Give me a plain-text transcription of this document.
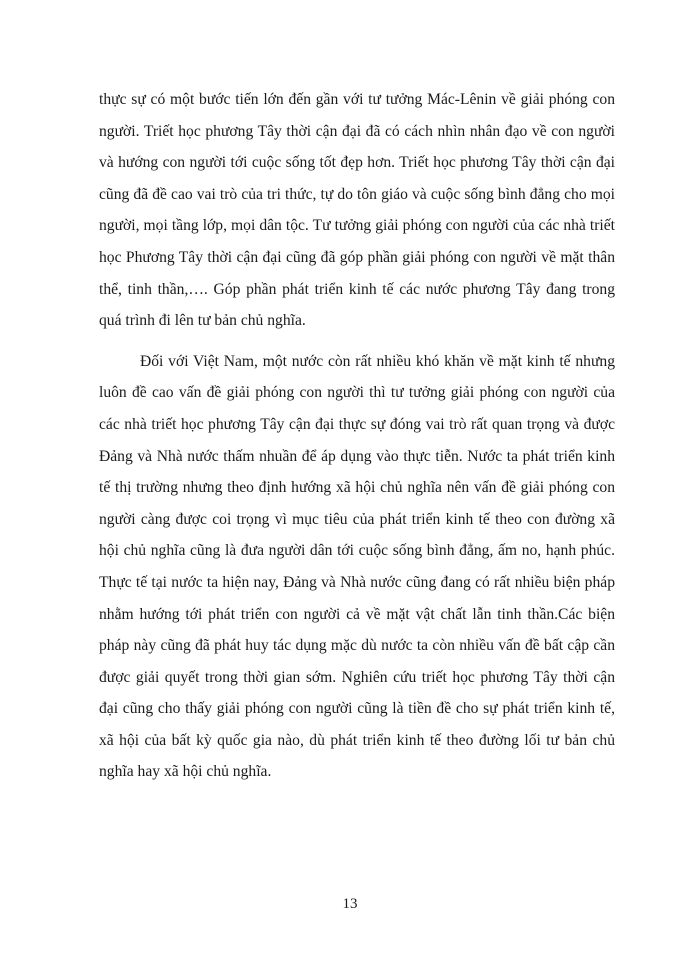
thực sự có một bước tiến lớn đến gần với tư tưởng Mác-Lênin về giải phóng con người. Triết học phương Tây thời cận đại đã có cách nhìn nhân đạo về con người và hướng con người tới cuộc sống tốt đẹp hơn. Triết học phương Tây thời cận đại cũng đã đề cao vai trò của tri thức, tự do tôn giáo và cuộc sống bình đẳng cho mọi người, mọi tầng lớp, mọi dân tộc. Tư tưởng giải phóng con người của các nhà triết học Phương Tây thời cận đại cũng đã góp phần giải phóng con người về mặt thân thể, tinh thần,…. Góp phần phát triển kinh tế các nước phương Tây đang trong quá trình đi lên tư bản chủ nghĩa.

Đối với Việt Nam, một nước còn rất nhiều khó khăn về mặt kinh tế nhưng luôn đề cao vấn đề giải phóng con người thì tư tưởng giải phóng con người của các nhà triết học phương Tây cận đại thực sự đóng vai trò rất quan trọng và được Đảng và Nhà nước thấm nhuần để áp dụng vào thực tiễn. Nước ta phát triển kinh tế thị trường nhưng theo định hướng xã hội chủ nghĩa nên vấn đề giải phóng con người càng được coi trọng vì mục tiêu của phát triển kinh tế theo con đường xã hội chủ nghĩa cũng là đưa người dân tới cuộc sống bình đẳng, ấm no, hạnh phúc. Thực tế tại nước ta hiện nay, Đảng và Nhà nước cũng đang có rất nhiều biện pháp nhằm hướng tới phát triển con người cả về mặt vật chất lẫn tinh thần.Các biện pháp này cũng đã phát huy tác dụng mặc dù nước ta còn nhiều vấn đề bất cập cần được giải quyết trong thời gian sớm. Nghiên cứu triết học phương Tây thời cận đại cũng cho thấy giải phóng con người cũng là tiền đề cho sự phát triển kinh tế, xã hội của bất kỳ quốc gia nào, dù phát triển kinh tế theo đường lối tư bản chủ nghĩa hay xã hội chủ nghĩa.

13
